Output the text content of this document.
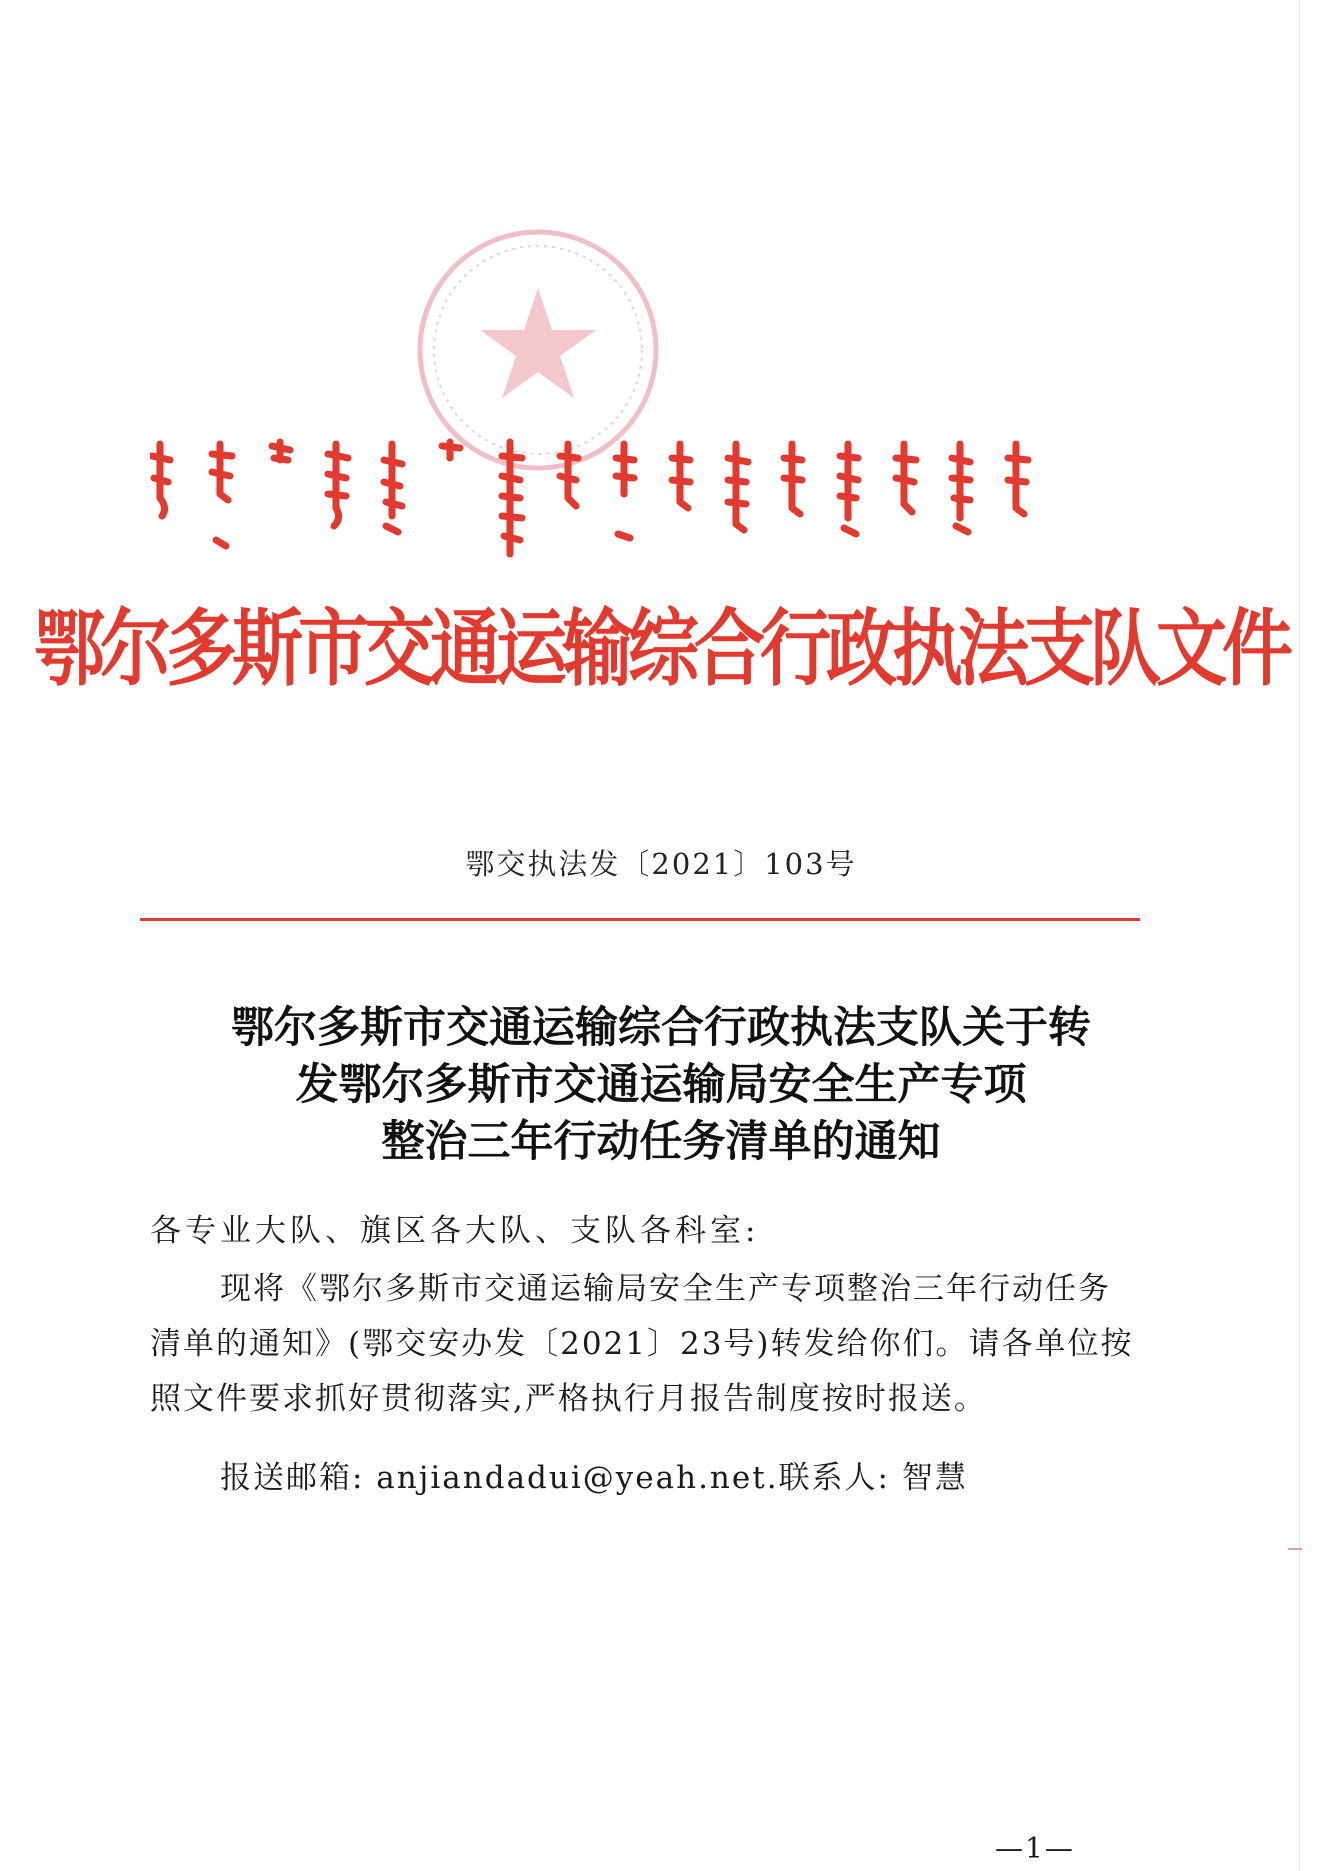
鄂尔多斯市交通运输综合行政执法支队文件
鄂交执法发〔2021〕103号
鄂尔多斯市交通运输综合行政执法支队关于转
发鄂尔多斯市交通运输局安全生产专项
整治三年行动任务清单的通知
各专业大队、旗区各大队、支队各科室:

现将《鄂尔多斯市交通运输局安全生产专项整治三年行动任务清单的通知》(鄂交安办发〔2021〕23号)转发给你们。请各单位按照文件要求抓好贯彻落实,严格执行月报告制度按时报送。

报送邮箱: anjiandadui@yeah.net.联系人: 智慧
—1—
